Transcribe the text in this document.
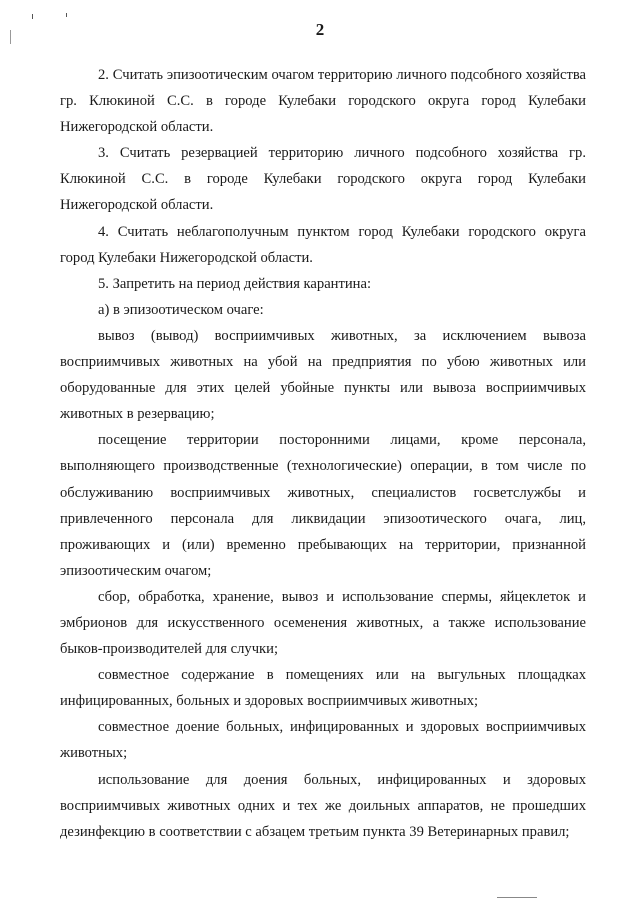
2

2. Считать эпизоотическим очагом территорию личного подсобного хозяйства гр. Клюкиной С.С. в городе Кулебаки городского округа город Кулебаки Нижегородской области.

3. Считать резервацией территорию личного подсобного хозяйства гр. Клюкиной С.С. в городе Кулебаки городского округа город Кулебаки Нижегородской области.

4. Считать неблагополучным пунктом город Кулебаки городского округа город Кулебаки Нижегородской области.

5. Запретить на период действия карантина:

а) в эпизоотическом очаге:

вывоз (вывод) восприимчивых животных, за исключением вывоза восприимчивых животных на убой на предприятия по убою животных или оборудованные для этих целей убойные пункты или вывоза восприимчивых животных в резервацию;

посещение территории посторонними лицами, кроме персонала, выполняющего производственные (технологические) операции, в том числе по обслуживанию восприимчивых животных, специалистов госветслужбы и привлеченного персонала для ликвидации эпизоотического очага, лиц, проживающих и (или) временно пребывающих на территории, признанной эпизоотическим очагом;

сбор, обработка, хранение, вывоз и использование спермы, яйцеклеток и эмбрионов для искусственного осеменения животных, а также использование быков-производителей для случки;

совместное содержание в помещениях или на выгульных площадках инфицированных, больных и здоровых восприимчивых животных;

совместное доение больных, инфицированных и здоровых восприимчивых животных;

использование для доения больных, инфицированных и здоровых восприимчивых животных одних и тех же доильных аппаратов, не прошедших дезинфекцию в соответствии с абзацем третьим пункта 39 Ветеринарных правил;
